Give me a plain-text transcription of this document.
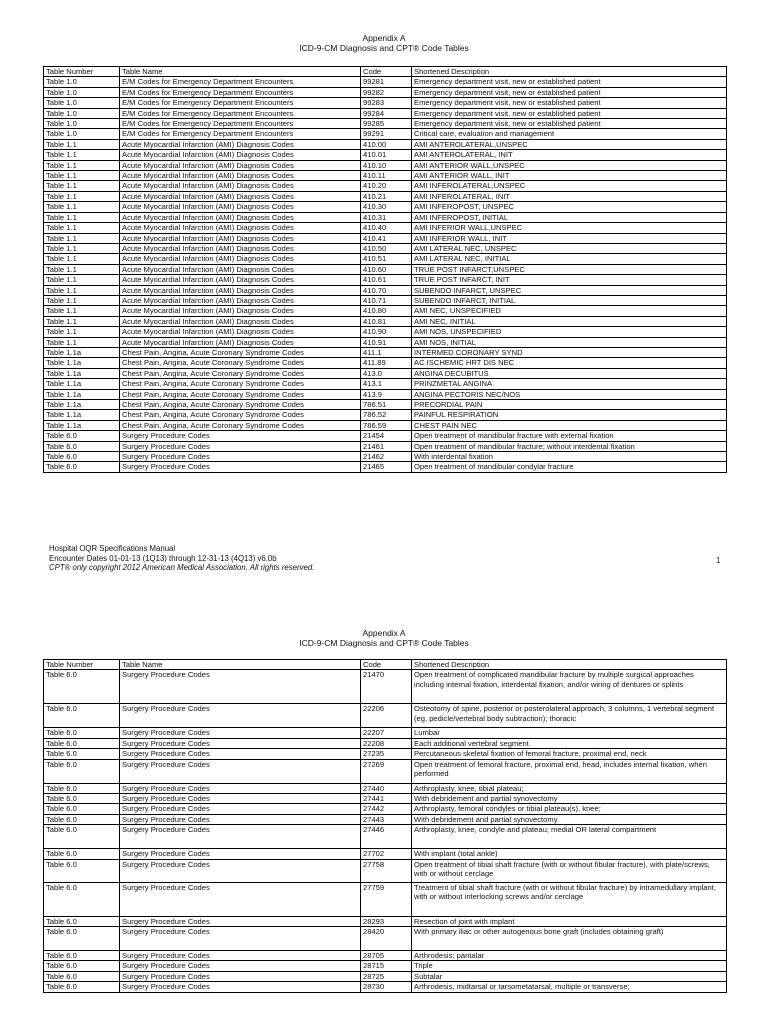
Appendix A
ICD-9-CM Diagnosis and CPT® Code Tables
Table Number	Table Name	Code	Shortened Description
Table 1.0	E/M Codes for Emergency Department Encounters	99281	Emergency department visit, new or established patient
Table 1.0	E/M Codes for Emergency Department Encounters	99282	Emergency department visit, new or established patient
Table 1.0	E/M Codes for Emergency Department Encounters	99283	Emergency department visit, new or established patient
Table 1.0	E/M Codes for Emergency Department Encounters	99284	Emergency department visit, new or established patient
Table 1.0	E/M Codes for Emergency Department Encounters	99285	Emergency department visit, new or established patient
Table 1.0	E/M Codes for Emergency Department Encounters	99291	Critical care, evaluation and management
Table 1.1	Acute Myocardial Infarction (AMI) Diagnosis Codes	410.00	AMI ANTEROLATERAL,UNSPEC
Table 1.1	Acute Myocardial Infarction (AMI) Diagnosis Codes	410.01	AMI ANTEROLATERAL, INIT
Table 1.1	Acute Myocardial Infarction (AMI) Diagnosis Codes	410.10	AMI ANTERIOR WALL,UNSPEC
Table 1.1	Acute Myocardial Infarction (AMI) Diagnosis Codes	410.11	AMI ANTERIOR WALL, INIT
Table 1.1	Acute Myocardial Infarction (AMI) Diagnosis Codes	410.20	AMI INFEROLATERAL,UNSPEC
Table 1.1	Acute Myocardial Infarction (AMI) Diagnosis Codes	410.21	AMI INFEROLATERAL, INIT
Table 1.1	Acute Myocardial Infarction (AMI) Diagnosis Codes	410.30	AMI INFEROPOST, UNSPEC
Table 1.1	Acute Myocardial Infarction (AMI) Diagnosis Codes	410.31	AMI INFEROPOST, INITIAL
Table 1.1	Acute Myocardial Infarction (AMI) Diagnosis Codes	410.40	AMI INFERIOR WALL,UNSPEC
Table 1.1	Acute Myocardial Infarction (AMI) Diagnosis Codes	410.41	AMI INFERIOR WALL, INIT
Table 1.1	Acute Myocardial Infarction (AMI) Diagnosis Codes	410.50	AMI LATERAL NEC, UNSPEC
Table 1.1	Acute Myocardial Infarction (AMI) Diagnosis Codes	410.51	AMI LATERAL NEC, INITIAL
Table 1.1	Acute Myocardial Infarction (AMI) Diagnosis Codes	410.60	TRUE POST INFARCT,UNSPEC
Table 1.1	Acute Myocardial Infarction (AMI) Diagnosis Codes	410.61	TRUE POST INFARCT, INIT
Table 1.1	Acute Myocardial Infarction (AMI) Diagnosis Codes	410.70	SUBENDO INFARCT, UNSPEC
Table 1.1	Acute Myocardial Infarction (AMI) Diagnosis Codes	410.71	SUBENDO INFARCT, INITIAL
Table 1.1	Acute Myocardial Infarction (AMI) Diagnosis Codes	410.80	AMI NEC, UNSPECIFIED
Table 1.1	Acute Myocardial Infarction (AMI) Diagnosis Codes	410.81	AMI NEC, INITIAL
Table 1.1	Acute Myocardial Infarction (AMI) Diagnosis Codes	410.90	AMI NOS, UNSPECIFIED
Table 1.1	Acute Myocardial Infarction (AMI) Diagnosis Codes	410.91	AMI NOS, INITIAL
Table 1.1a	Chest Pain, Angina, Acute Coronary Syndrome Codes	411.1	INTERMED CORONARY SYND
Table 1.1a	Chest Pain, Angina, Acute Coronary Syndrome Codes	411.89	AC ISCHEMIC HRT DIS NEC
Table 1.1a	Chest Pain, Angina, Acute Coronary Syndrome Codes	413.0	ANGINA DECUBITUS
Table 1.1a	Chest Pain, Angina, Acute Coronary Syndrome Codes	413.1	PRINZMETAL ANGINA
Table 1.1a	Chest Pain, Angina, Acute Coronary Syndrome Codes	413.9	ANGINA PECTORIS NEC/NOS
Table 1.1a	Chest Pain, Angina, Acute Coronary Syndrome Codes	786.51	PRECORDIAL PAIN
Table 1.1a	Chest Pain, Angina, Acute Coronary Syndrome Codes	786.52	PAINFUL RESPIRATION
Table 1.1a	Chest Pain, Angina, Acute Coronary Syndrome Codes	786.59	CHEST PAIN NEC
Table 6.0	Surgery Procedure Codes	21454	Open treatment of mandibular fracture with external fixation
Table 6.0	Surgery Procedure Codes	21461	Open treatment of mandibular fracture; without interdental fixation
Table 6.0	Surgery Procedure Codes	21462	With interdental fixation
Table 6.0	Surgery Procedure Codes	21465	Open treatment of mandibular condylar fracture
Hospital OQR Specifications Manual
Encounter Dates 01-01-13 (1Q13) through 12-31-13 (4Q13) v6.0b
CPT® only copyright 2012 American Medical Association. All rights reserved.
1
Appendix A
ICD-9-CM Diagnosis and CPT® Code Tables
Table Number	Table Name	Code	Shortened Description
Table 6.0	Surgery Procedure Codes	21470	Open treatment of complicated mandibular fracture by multiple surgical approaches including internal fixation, interdental fixation, and/or wiring of dentures or splints
Table 6.0	Surgery Procedure Codes	22206	Osteotomy of spine, posterior or posterolateral approach, 3 columns, 1 vertebral segment (eg, pedicle/vertebral body subtraction); thoracic
Table 6.0	Surgery Procedure Codes	22207	Lumbar
Table 6.0	Surgery Procedure Codes	22208	Each additional vertebral segment
Table 6.0	Surgery Procedure Codes	27235	Percutaneous skeletal fixation of femoral fracture, proximal end, neck
Table 6.0	Surgery Procedure Codes	27269	Open treatment of femoral fracture, proximal end, head, includes internal fixation, when performed
Table 6.0	Surgery Procedure Codes	27440	Arthroplasty, knee, tibial plateau;
Table 6.0	Surgery Procedure Codes	27441	With debridement and partial synovectomy
Table 6.0	Surgery Procedure Codes	27442	Arthroplasty, femoral condyles or tibial plateau(s), knee;
Table 6.0	Surgery Procedure Codes	27443	With debridement and partial synovectomy
Table 6.0	Surgery Procedure Codes	27446	Arthroplasty, knee, condyle and plateau; medial OR lateral compartment
Table 6.0	Surgery Procedure Codes	27702	With implant (total ankle)
Table 6.0	Surgery Procedure Codes	27758	Open treatment of tibial shaft fracture (with or without fibular fracture), with plate/screws, with or without cerclage
Table 6.0	Surgery Procedure Codes	27759	Treatment of tibial shaft fracture (with or without fibular fracture) by intramedullary implant, with or without interlocking screws and/or cerclage
Table 6.0	Surgery Procedure Codes	28293	Resection of joint with implant
Table 6.0	Surgery Procedure Codes	28420	With primary iliac or other autogenous bone graft (includes obtaining graft)
Table 6.0	Surgery Procedure Codes	28705	Arthrodesis; pantalar
Table 6.0	Surgery Procedure Codes	28715	Triple
Table 6.0	Surgery Procedure Codes	28725	Subtalar
Table 6.0	Surgery Procedure Codes	28730	Arthrodesis, midtarsal or tarsometatarsal, multiple or transverse;
